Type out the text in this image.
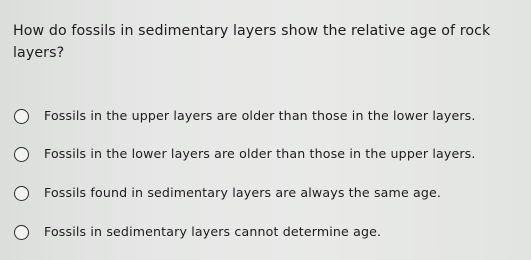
How do fossils in sedimentary layers show the relative age of rock layers?
Fossils in the upper layers are older than those in the lower layers.
Fossils in the lower layers are older than those in the upper layers.
Fossils found in sedimentary layers are always the same age.
Fossils in sedimentary layers cannot determine age.
